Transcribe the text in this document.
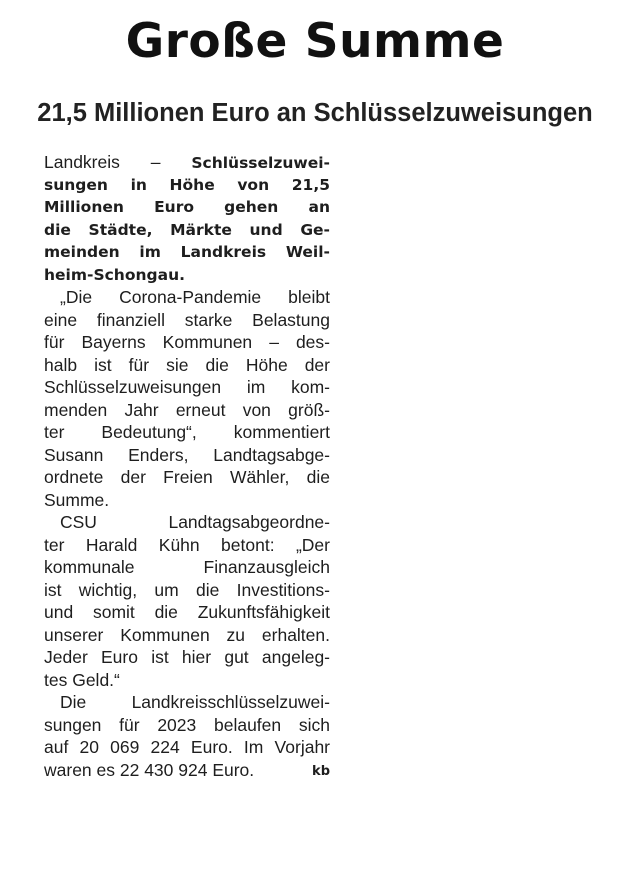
Große Summe
21,5 Millionen Euro an Schlüsselzuweisungen
Landkreis – Schlüsselzuwei-
sungen in Höhe von 21,5
Millionen Euro gehen an
die Städte, Märkte und Ge-
meinden im Landkreis Weil-
heim-Schongau.
„Die Corona-Pandemie bleibt
eine finanziell starke Belastung
für Bayerns Kommunen – des-
halb ist für sie die Höhe der
Schlüsselzuweisungen im kom-
menden Jahr erneut von größ-
ter Bedeutung“, kommentiert
Susann Enders, Landtagsabge-
ordnete der Freien Wähler, die
Summe.
CSU Landtagsabgeordne-
ter Harald Kühn betont: „Der
kommunale Finanzausgleich
ist wichtig, um die Investitions-
und somit die Zukunftsfähigkeit
unserer Kommunen zu erhalten.
Jeder Euro ist hier gut angeleg-
tes Geld.“
Die Landkreisschlüsselzuwei-
sungen für 2023 belaufen sich
auf 20 069 224 Euro. Im Vorjahr
waren es 22 430 924 Euro.	kb
